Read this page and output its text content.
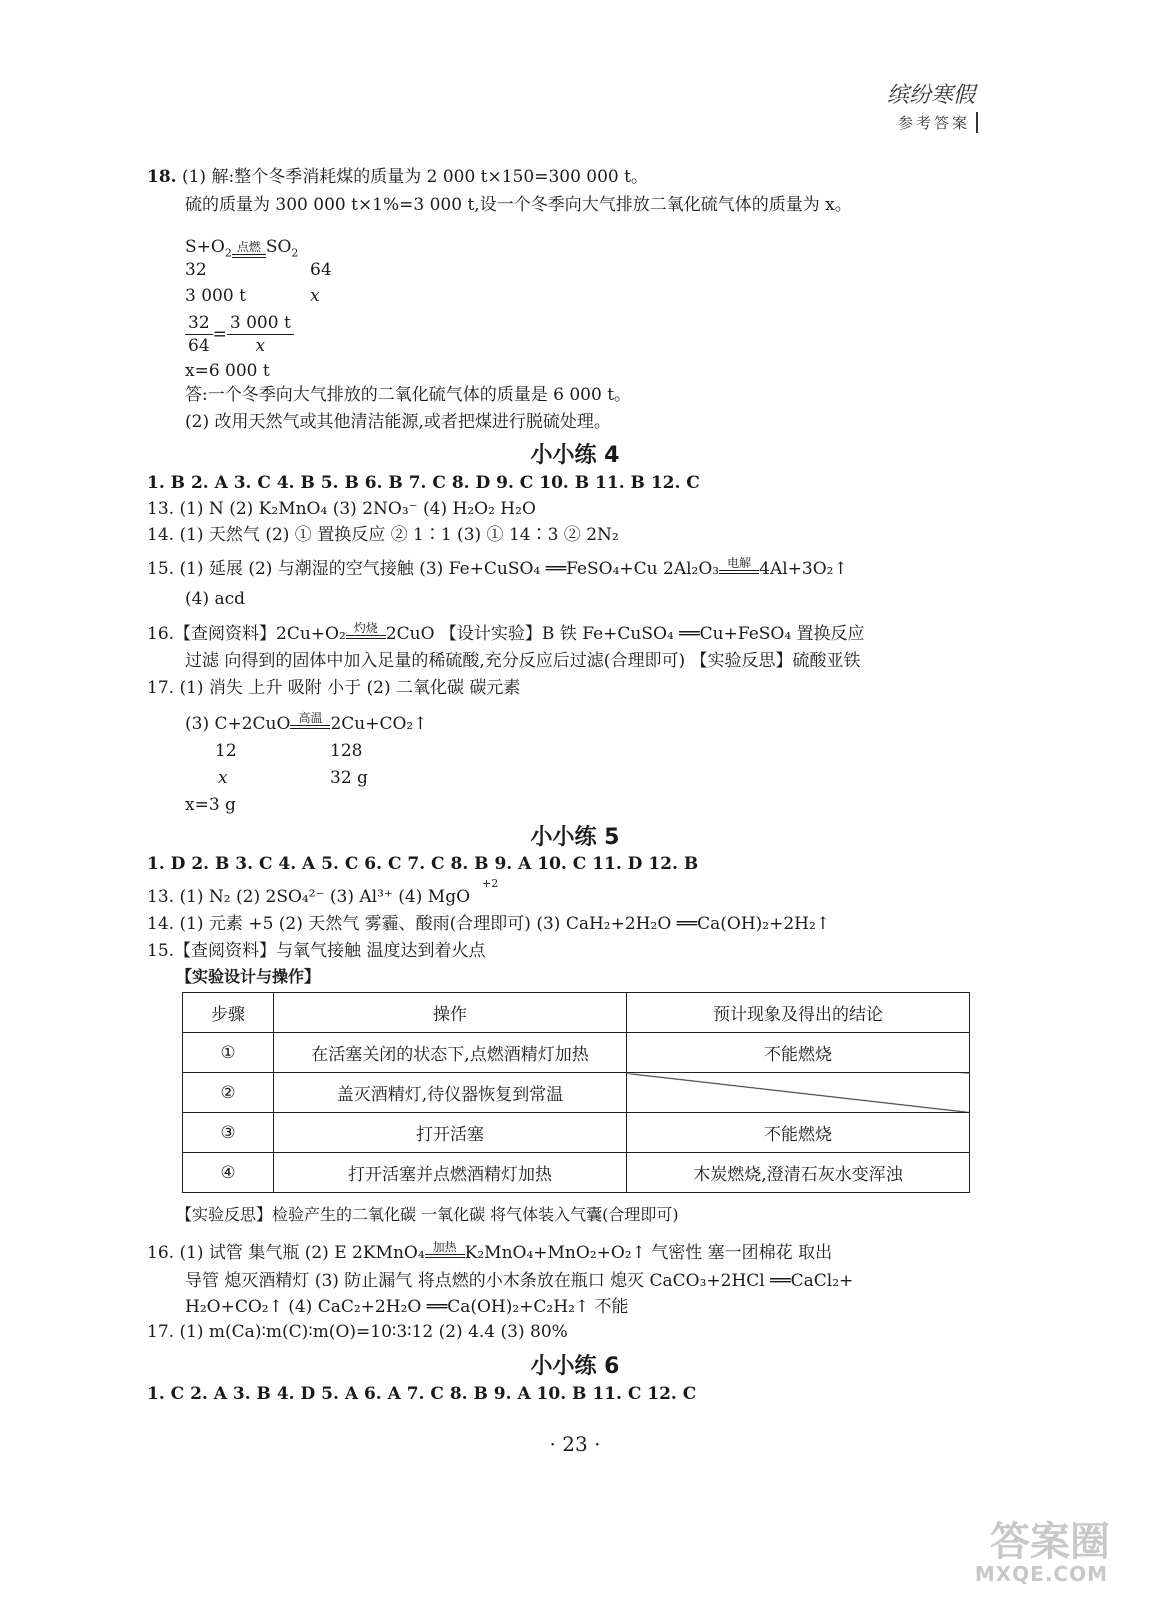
缤纷寒假
参考答案
18. (1) 解:整个冬季消耗煤的质量为 2 000 t×150=300 000 t。
硫的质量为 300 000 t×1%=3 000 t,设一个冬季向大气排放二氧化硫气体的质量为 x。
$S+O_2$ 点燃 $SO_2$
32	64
3 000 t	x
$\frac{32}{64} = \frac{3 000 t}{x}$
x=6 000 t
答:一个冬季向大气排放的二氧化硫气体的质量是 6 000 t。
(2) 改用天然气或其他清洁能源,或者把煤进行脱硫处理。
小小练 4
1. B 2. A 3. C 4. B 5. B 6. B 7. C 8. D 9. C 10. B 11. B 12. C
13. (1) N (2) K₂MnO₄ (3) 2NO₃⁻ (4) H₂O₂ H₂O
14. (1) 天然气 (2) ① 置换反应 ② 1∶1 (3) ① 14∶3 ② 2N₂
15. (1) 延展 (2) 与潮湿的空气接触 (3) Fe+CuSO₄ ══FeSO₄+Cu 2Al₂O₃ 电解 4Al+3O₂↑
(4) acd
16.【查阅资料】2Cu+O₂ 灼烧 2CuO 【设计实验】B 铁 Fe+CuSO₄ ══Cu+FeSO₄ 置换反应
过滤 向得到的固体中加入足量的稀硫酸,充分反应后过滤(合理即可) 【实验反思】硫酸亚铁
17. (1) 消失 上升 吸附 小于 (2) 二氧化碳 碳元素
(3) C+2CuO 高温 2Cu+CO₂↑
12	128
x	32 g
x=3 g
小小练 5
1. D 2. B 3. C 4. A 5. C 6. C 7. C 8. B 9. A 10. C 11. D 12. B
13. (1) N₂ (2) 2SO₄²⁻ (3) Al³⁺ (4) MgO
+2
14. (1) 元素 +5 (2) 天然气 雾霾、酸雨(合理即可) (3) CaH₂+2H₂O ══Ca(OH)₂+2H₂↑
15.【查阅资料】与氧气接触 温度达到着火点
【实验设计与操作】
步骤	操作	预计现象及得出的结论
①	在活塞关闭的状态下,点燃酒精灯加热	不能燃烧
②	盖灭酒精灯,待仪器恢复到常温	
③	打开活塞	不能燃烧
④	打开活塞并点燃酒精灯加热	木炭燃烧,澄清石灰水变浑浊
【实验反思】检验产生的二氧化碳 一氧化碳 将气体装入气囊(合理即可)
16. (1) 试管 集气瓶 (2) E 2KMnO₄ 加热 K₂MnO₄+MnO₂+O₂↑ 气密性 塞一团棉花 取出
导管 熄灭酒精灯 (3) 防止漏气 将点燃的小木条放在瓶口 熄灭 CaCO₃+2HCl ══CaCl₂+
H₂O+CO₂↑ (4) CaC₂+2H₂O ══Ca(OH)₂+C₂H₂↑ 不能
17. (1) m(Ca)∶m(C)∶m(O)=10∶3∶12 (2) 4.4 (3) 80%
小小练 6
1. C 2. A 3. B 4. D 5. A 6. A 7. C 8. B 9. A 10. B 11. C 12. C
· 23 ·
答案圈
MXQE.COM
